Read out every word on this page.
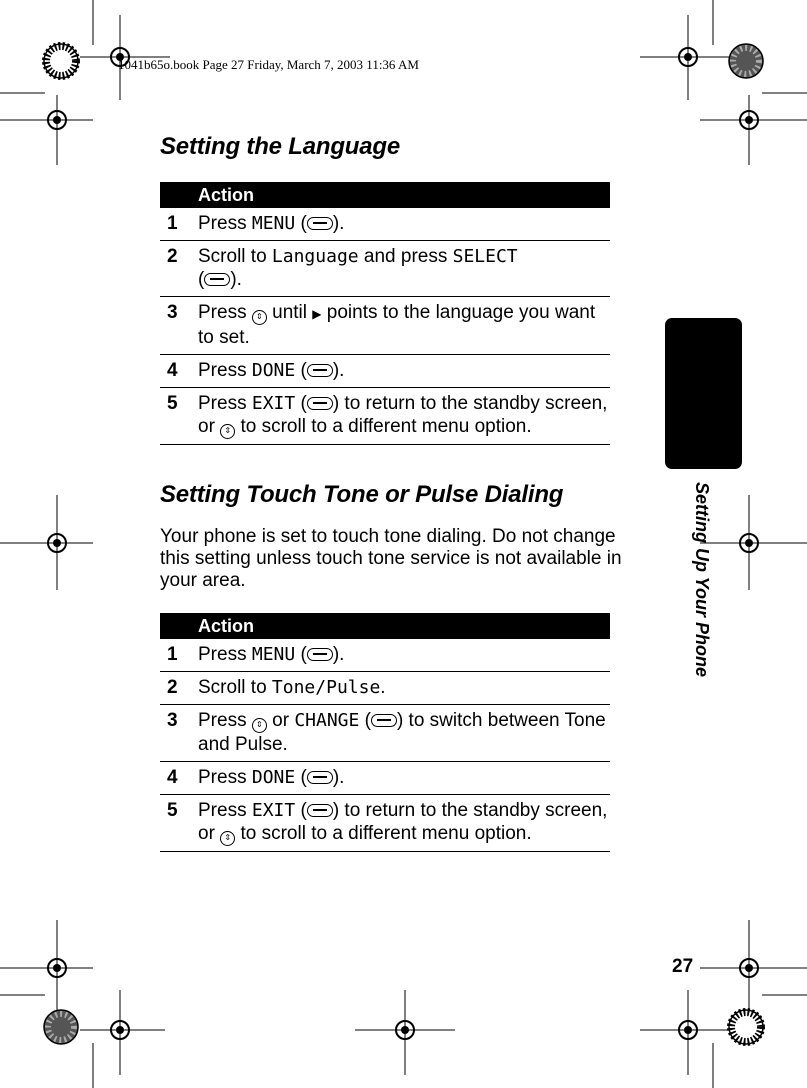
1041b65o.book Page 27 Friday, March 7, 2003 11:36 AM
Setting the Language
Action	
1	Press MENU ( ).
2	Scroll to Language and press SELECT
( ).
3	Press ⇕ until ▶ points to the language you want to set.
4	Press DONE ( ).
5	Press EXIT ( ) to return to the standby screen, or ⇕ to scroll to a different menu option.
Setting Touch Tone or Pulse Dialing
Your phone is set to touch tone dialing. Do not change this setting unless touch tone service is not available in your area.
Action	
1	Press MENU ( ).
2	Scroll to Tone/Pulse.
3	Press ⇕ or CHANGE ( ) to switch between Tone and Pulse.
4	Press DONE ( ).
5	Press EXIT ( ) to return to the standby screen, or ⇕ to scroll to a different menu option.
Setting Up Your Phone
27
